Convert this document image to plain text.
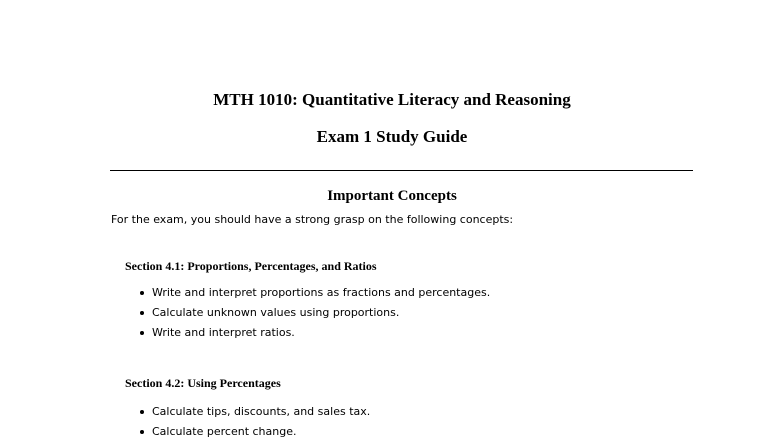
MTH 1010: Quantitative Literacy and Reasoning
Exam 1 Study Guide
Important Concepts
For the exam, you should have a strong grasp on the following concepts:
Section 4.1: Proportions, Percentages, and Ratios
Write and interpret proportions as fractions and percentages.
Calculate unknown values using proportions.
Write and interpret ratios.
Section 4.2: Using Percentages
Calculate tips, discounts, and sales tax.
Calculate percent change.
